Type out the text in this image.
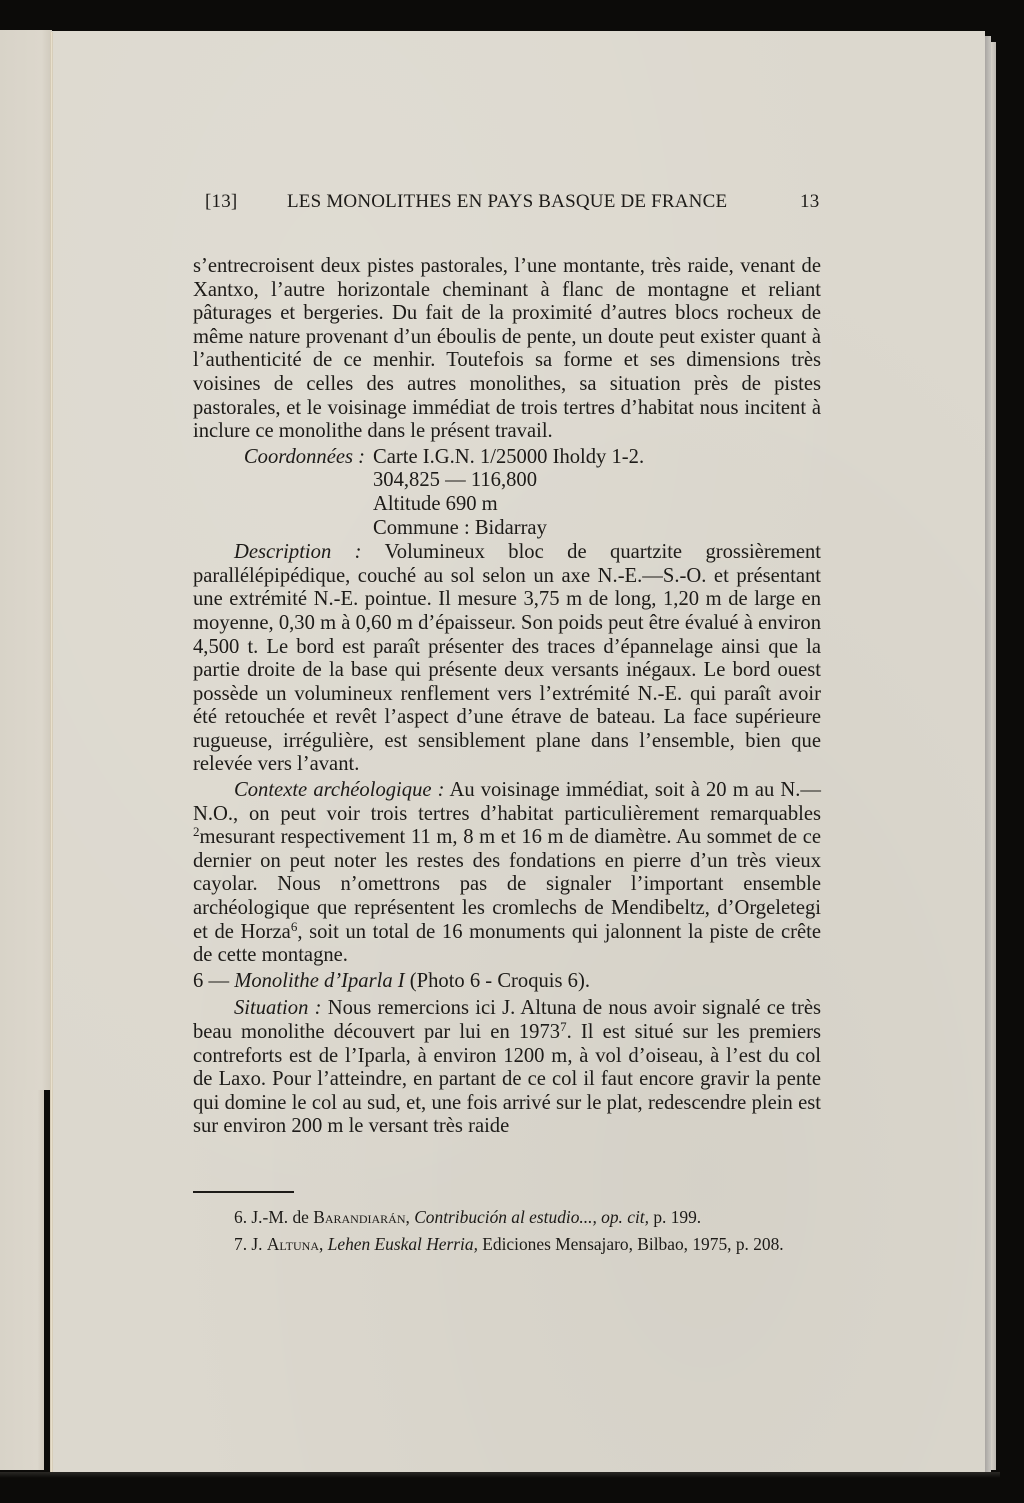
[13]	LES MONOLITHES EN PAYS BASQUE DE FRANCE	13

s’entrecroisent deux pistes pastorales, l’une montante, très raide, venant de Xantxo, l’autre horizontale cheminant à flanc de montagne et reliant pâturages et bergeries. Du fait de la proximité d’autres blocs rocheux de même nature provenant d’un éboulis de pente, un doute peut exister quant à l’authenticité de ce menhir. Toutefois sa forme et ses dimensions très voisines de celles des autres monolithes, sa situation près de pistes pastorales, et le voisinage immédiat de trois tertres d’habitat nous incitent à inclure ce monolithe dans le présent travail.

Coordonnées : Carte I.G.N. 1/25000 Iholdy 1-2.
304,825 — 116,800
Altitude 690 m
Commune : Bidarray

Description : Volumineux bloc de quartzite grossièrement parallélépipédique, couché au sol selon un axe N.-E.—S.-O. et présentant une extrémité N.-E. pointue. Il mesure 3,75 m de long, 1,20 m de large en moyenne, 0,30 m à 0,60 m d’épaisseur. Son poids peut être évalué à environ 4,500 t. Le bord est paraît présenter des traces d’épannelage ainsi que la partie droite de la base qui présente deux versants inégaux. Le bord ouest possède un volumineux renflement vers l’extrémité N.-E. qui paraît avoir été retouchée et revêt l’aspect d’une étrave de bateau. La face supérieure rugueuse, irrégulière, est sensiblement plane dans l’ensemble, bien que relevée vers l’avant.

Contexte archéologique : Au voisinage immédiat, soit à 20 m au N.—N.O., on peut voir trois tertres d’habitat particulièrement remarquables $^2$mesurant respectivement 11 m, 8 m et 16 m de diamètre. Au sommet de ce dernier on peut noter les restes des fondations en pierre d’un très vieux cayolar. Nous n’omettrons pas de signaler l’important ensemble archéologique que représentent les cromlechs de Mendibeltz, d’Orgeletegi et de Horza$^6$, soit un total de 16 monuments qui jalonnent la piste de crête de cette montagne.

6 — Monolithe d’Iparla I (Photo 6 - Croquis 6).

Situation : Nous remercions ici J. Altuna de nous avoir signalé ce très beau monolithe découvert par lui en 1973$^7$. Il est situé sur les premiers contreforts est de l’Iparla, à environ 1200 m, à vol d’oiseau, à l’est du col de Laxo. Pour l’atteindre, en partant de ce col il faut encore gravir la pente qui domine le col au sud, et, une fois arrivé sur le plat, redescendre plein est sur environ 200 m le versant très raide

6. J.-M. de Barandiarán, Contribución al estudio..., op. cit, p. 199.

7. J. Altuna, Lehen Euskal Herria, Ediciones Mensajaro, Bilbao, 1975, p. 208.
